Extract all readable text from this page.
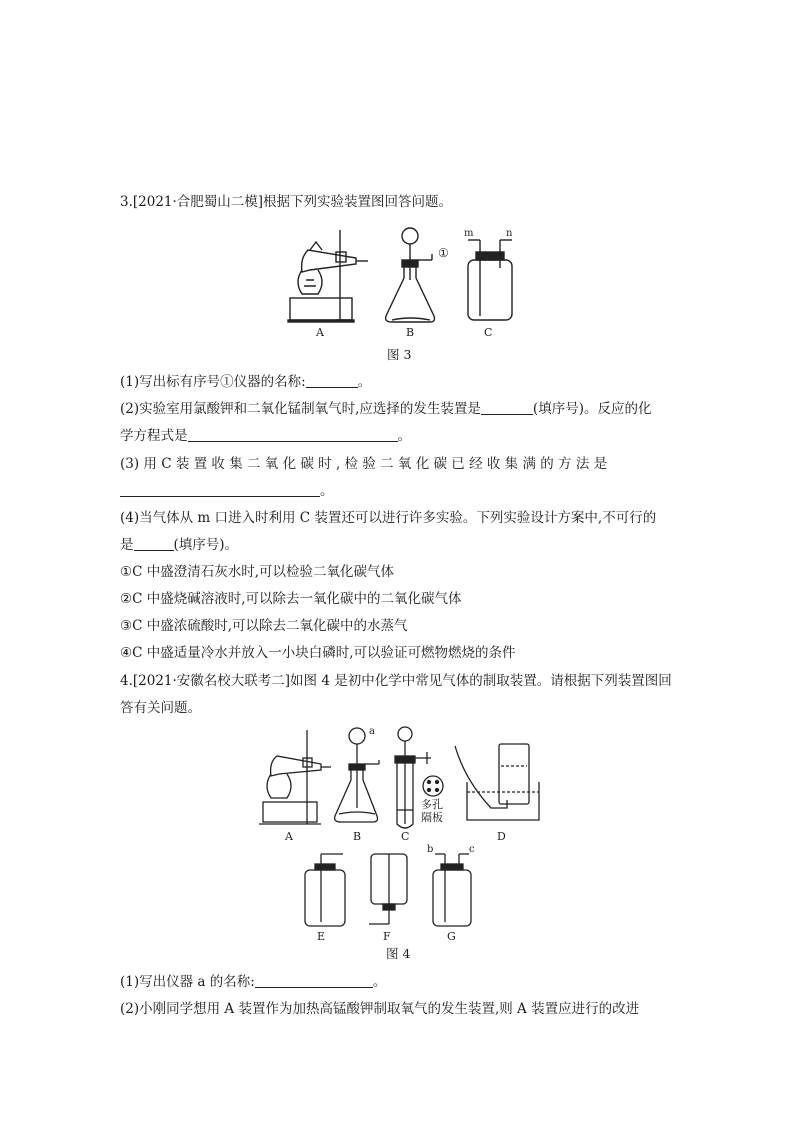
3.[2021·合肥蜀山二模]根据下列实验装置图回答问题。
①
m	n
A	B	C
图 3
(1)写出标有序号①仪器的名称:	。
(2)实验室用氯酸钾和二氧化锰制氧气时,应选择的发生装置是	(填序号)。反应的化
学方程式是	。
(3) 用 C 装 置 收 集 二 氧 化 碳 时 , 检 验 二 氧 化 碳 已 经 收 集 满 的 方 法 是
。
(4)当气体从 m 口进入时利用 C 装置还可以进行许多实验。下列实验设计方案中,不可行的
是	(填序号)。
①C 中盛澄清石灰水时,可以检验二氧化碳气体
②C 中盛烧碱溶液时,可以除去一氧化碳中的二氧化碳气体
③C 中盛浓硫酸时,可以除去二氧化碳中的水蒸气
④C 中盛适量冷水并放入一小块白磷时,可以验证可燃物燃烧的条件
4.[2021·安徽名校大联考二]如图 4 是初中化学中常见气体的制取装置。请根据下列装置图回
答有关问题。
a
多孔
隔板
b	c
A	B	C	D
E	F	G
图 4
(1)写出仪器 a 的名称:	。
(2)小刚同学想用 A 装置作为加热高锰酸钾制取氧气的发生装置,则 A 装置应进行的改进
